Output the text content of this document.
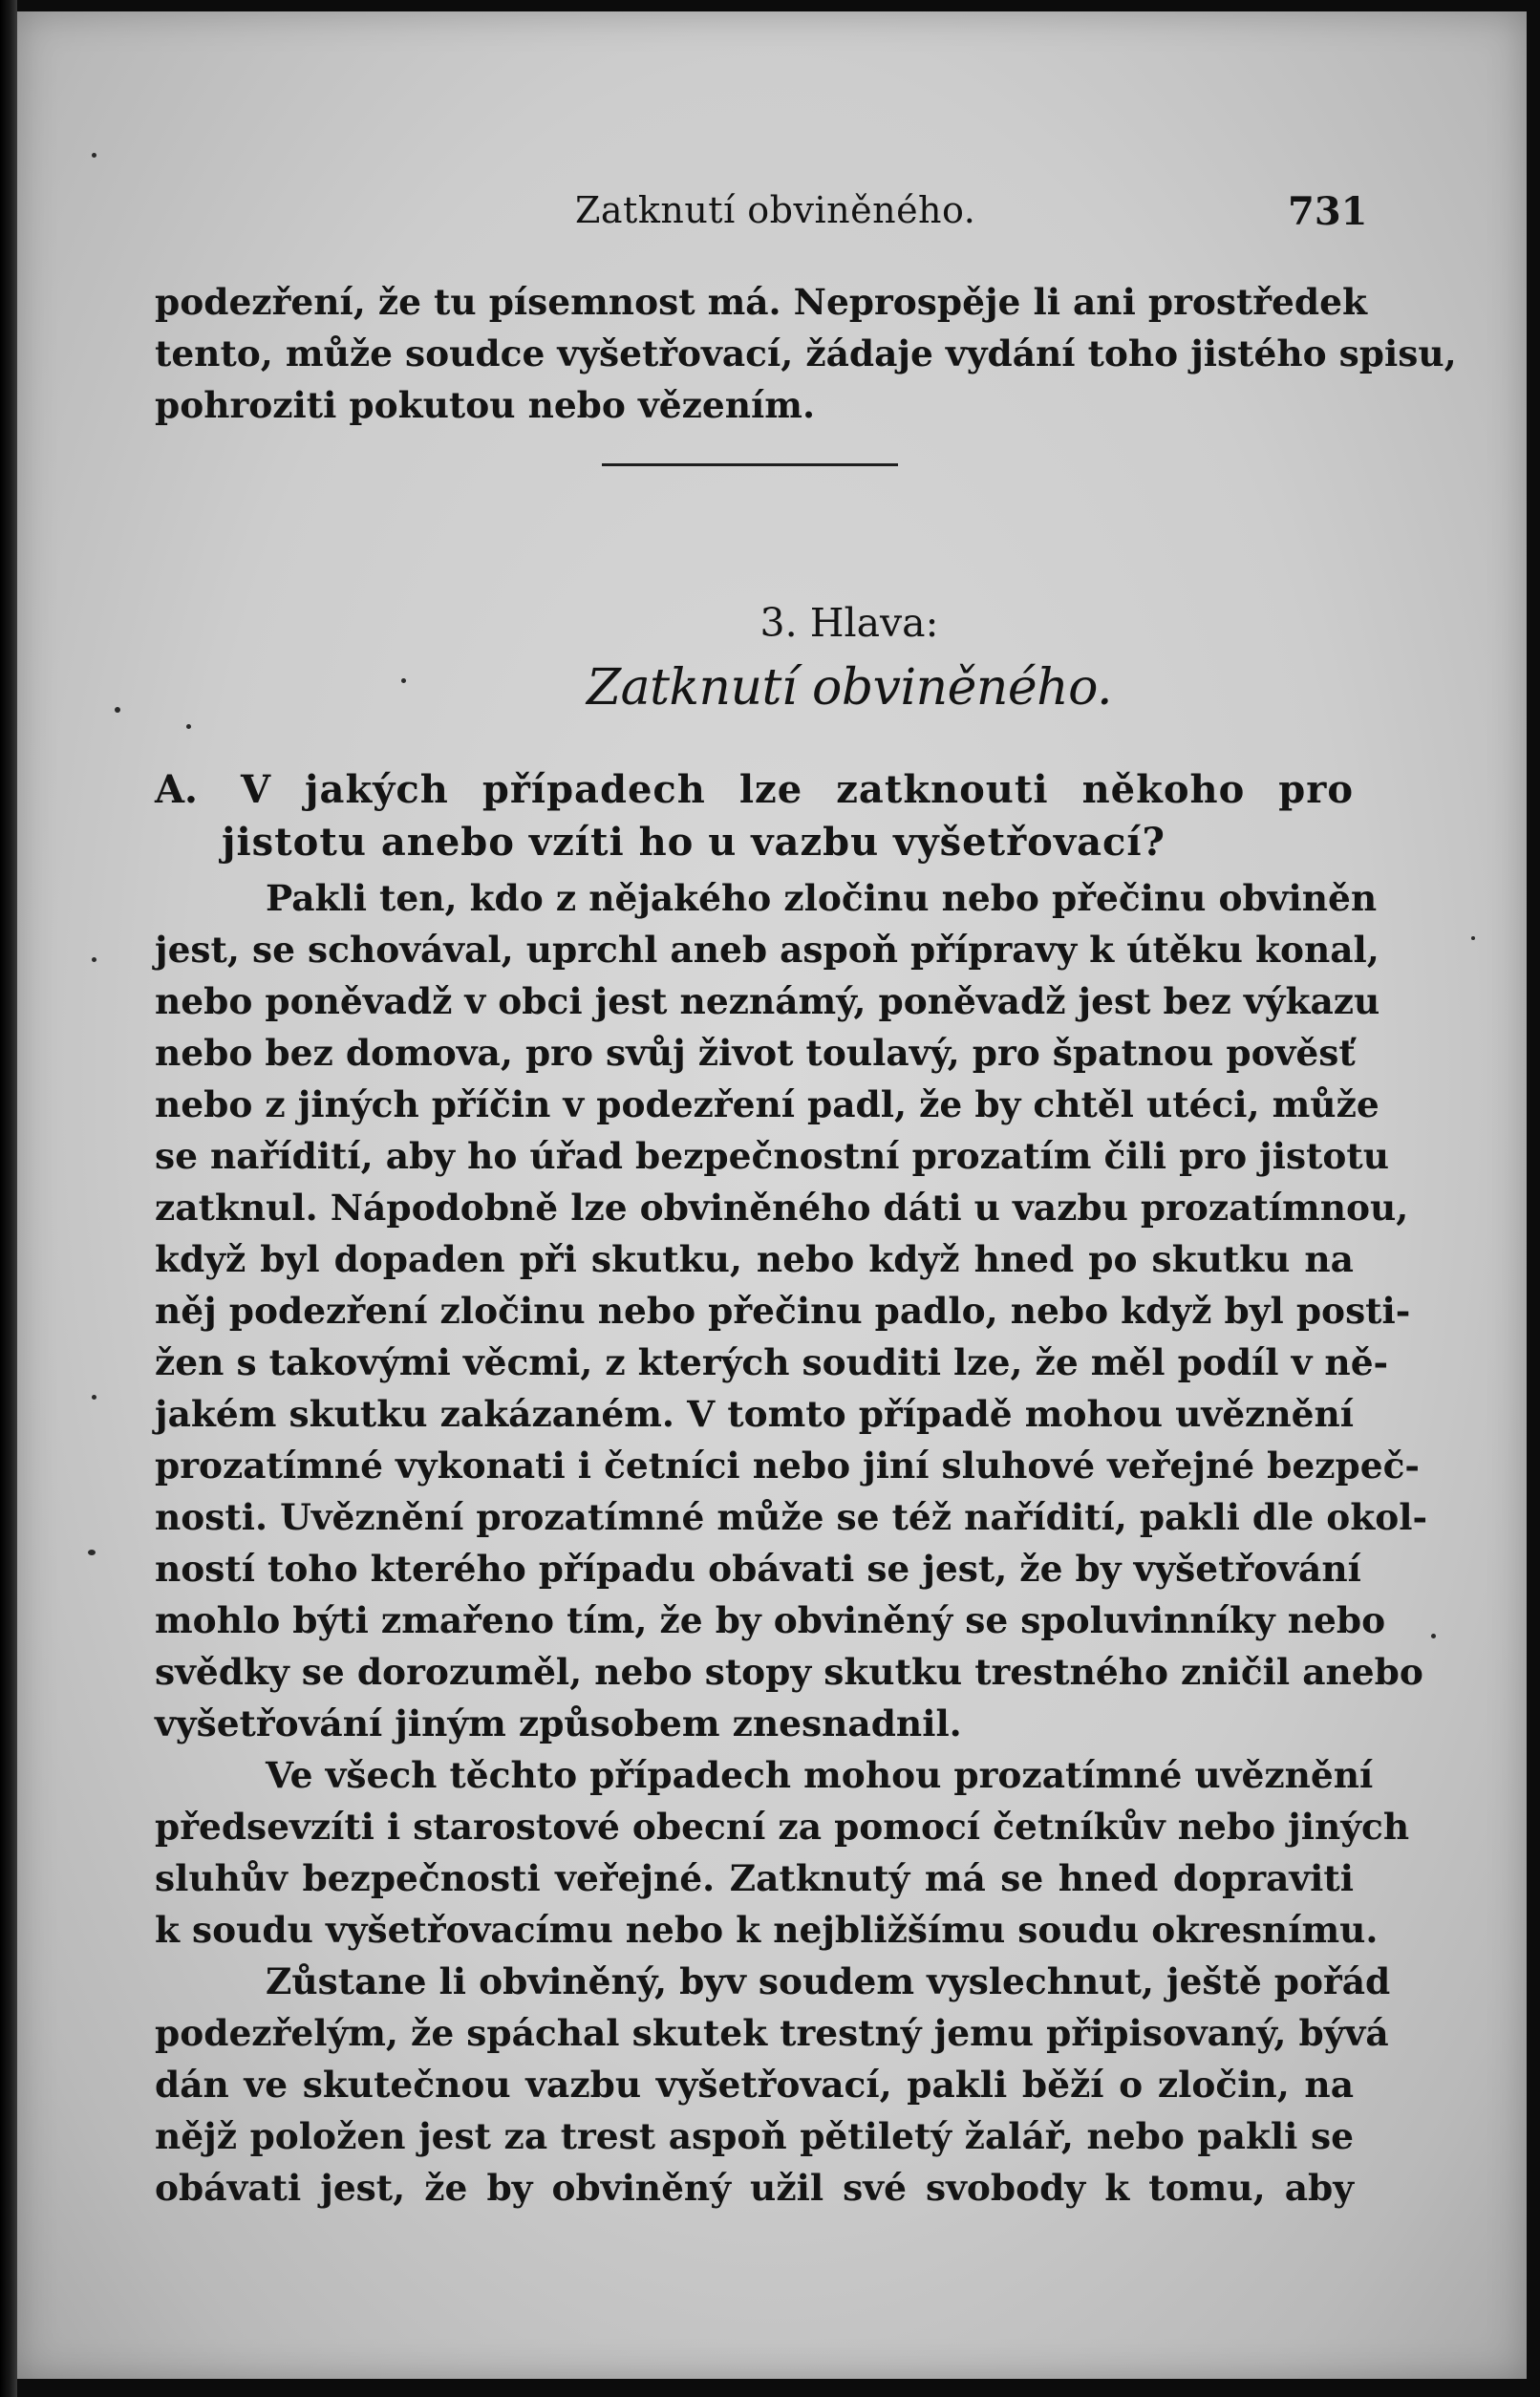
Zatknutí obviněného.	731
podezření, že tu písemnost má. Neprospěje li ani prostředek
tento, může soudce vyšetřovací, žádaje vydání toho jistého spisu,
pohroziti pokutou nebo vězením.
3. Hlava:
Zatknutí obviněného.
A. V jakých případech lze zatknouti někoho pro
jistotu anebo vzíti ho u vazbu vyšetřovací?
Pakli ten, kdo z nějakého zločinu nebo přečinu obviněn
jest, se schovával, uprchl aneb aspoň přípravy k útěku konal,
nebo poněvadž v obci jest neznámý, poněvadž jest bez výkazu
nebo bez domova, pro svůj život toulavý, pro špatnou pověsť
nebo z jiných příčin v podezření padl, že by chtěl utéci, může
se nařídití, aby ho úřad bezpečnostní prozatím čili pro jistotu
zatknul. Nápodobně lze obviněného dáti u vazbu prozatímnou,
když byl dopaden při skutku, nebo když hned po skutku na
něj podezření zločinu nebo přečinu padlo, nebo když byl posti-
žen s takovými věcmi, z kterých souditi lze, že měl podíl v ně-
jakém skutku zakázaném. V tomto případě mohou uvěznění
prozatímné vykonati i četníci nebo jiní sluhové veřejné bezpeč-
nosti. Uvěznění prozatímné může se též nařídití, pakli dle okol-
ností toho kterého případu obávati se jest, že by vyšetřování
mohlo býti zmařeno tím, že by obviněný se spoluvinníky nebo
svědky se dorozuměl, nebo stopy skutku trestného zničil anebo
vyšetřování jiným způsobem znesnadnil.
Ve všech těchto případech mohou prozatímné uvěznění
předsevzíti i starostové obecní za pomocí četníkův nebo jiných
sluhův bezpečnosti veřejné. Zatknutý má se hned dopraviti
k soudu vyšetřovacímu nebo k nejbližšímu soudu okresnímu.
Zůstane li obviněný, byv soudem vyslechnut, ještě pořád
podezřelým, že spáchal skutek trestný jemu připisovaný, bývá
dán ve skutečnou vazbu vyšetřovací, pakli běží o zločin, na
nějž položen jest za trest aspoň pětiletý žalář, nebo pakli se
obávati jest, že by obviněný užil své svobody k tomu, aby
